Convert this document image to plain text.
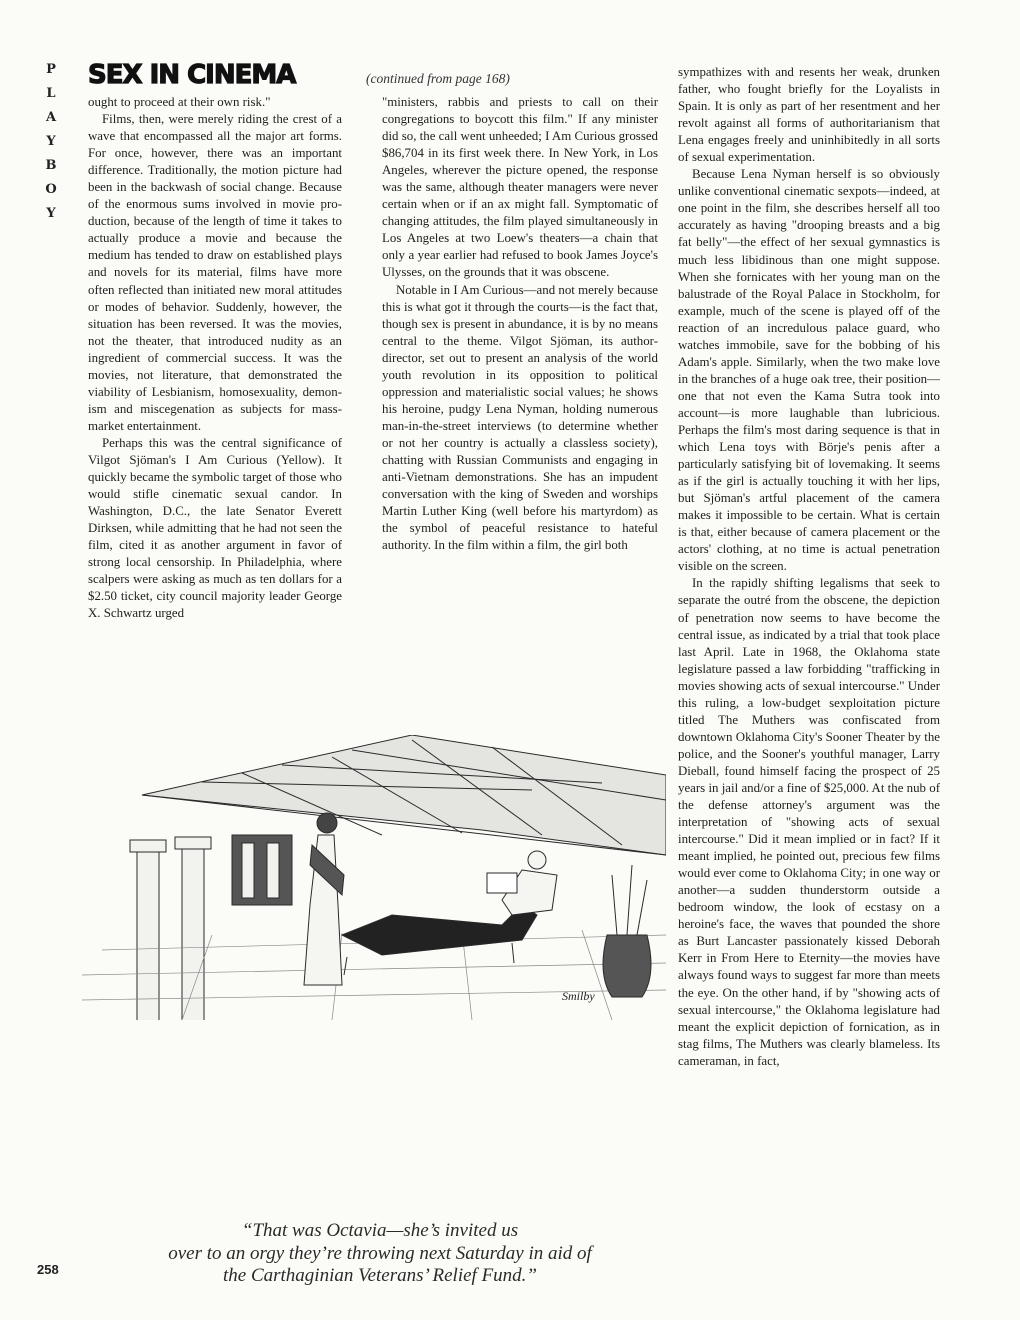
P
L
A
Y
B
O
Y
SEX IN CINEMA	(continued from page 168)

ought to proceed at their own risk."

Films, then, were merely riding the crest of a wave that encompassed all the major art forms. For once, however, there was an important difference. Traditionally, the motion picture had been in the backwash of social change. Because of the enormous sums involved in movie production, because of the length of time it takes to actually produce a movie and because the medium has tended to draw on established plays and novels for its material, films have more often reflected than initiated new moral attitudes or modes of behavior. Suddenly, however, the situation has been reversed. It was the movies, not the theater, that introduced nudity as an ingredient of commercial success. It was the movies, not literature, that demonstrated the viability of Lesbianism, homosexuality, demonism and miscegenation as subjects for mass-market entertainment.

Perhaps this was the central significance of Vilgot Sjöman's I Am Curious (Yellow). It quickly became the symbolic target of those who would stifle cinematic sexual candor. In Washington, D.C., the late Senator Everett Dirksen, while admitting that he had not seen the film, cited it as another argument in favor of strong local censorship. In Philadelphia, where scalpers were asking as much as ten dollars for a $2.50 ticket, city council majority leader George X. Schwartz urged

"ministers, rabbis and priests to call on their congregations to boycott this film." If any minister did so, the call went unheeded; I Am Curious grossed $86,704 in its first week there. In New York, in Los Angeles, wherever the picture opened, the response was the same, although theater managers were never certain when or if an ax might fall. Symptomatic of changing attitudes, the film played simultaneously in Los Angeles at two Loew's theaters—a chain that only a year earlier had refused to book James Joyce's Ulysses, on the grounds that it was obscene.

Notable in I Am Curious—and not merely because this is what got it through the courts—is the fact that, though sex is present in abundance, it is by no means central to the theme. Vilgot Sjöman, its author-director, set out to present an analysis of the world youth revolution in its opposition to political oppression and materialistic social values; he shows his heroine, pudgy Lena Nyman, holding numerous man-in-the-street interviews (to determine whether or not her country is actually a classless society), chatting with Russian Communists and engaging in anti-Vietnam demonstrations. She has an impudent conversation with the king of Sweden and worships Martin Luther King (well before his martyrdom) as the symbol of peaceful resistance to hateful authority. In the film within a film, the girl both

sympathizes with and resents her weak, drunken father, who fought briefly for the Loyalists in Spain. It is only as part of her resentment and her revolt against all forms of authoritarianism that Lena engages freely and uninhibitedly in all sorts of sexual experimentation.

Because Lena Nyman herself is so obviously unlike conventional cinematic sexpots—indeed, at one point in the film, she describes herself all too accurately as having "drooping breasts and a big fat belly"—the effect of her sexual gymnastics is much less libidinous than one might suppose. When she fornicates with her young man on the balustrade of the Royal Palace in Stockholm, for example, much of the scene is played off of the reaction of an incredulous palace guard, who watches immobile, save for the bobbing of his Adam's apple. Similarly, when the two make love in the branches of a huge oak tree, their position—one that not even the Kama Sutra took into account—is more laughable than lubricious. Perhaps the film's most daring sequence is that in which Lena toys with Börje's penis after a particularly satisfying bit of lovemaking. It seems as if the girl is actually touching it with her lips, but Sjöman's artful placement of the camera makes it impossible to be certain. What is certain is that, either because of camera placement or the actors' clothing, at no time is actual penetration visible on the screen.

In the rapidly shifting legalisms that seek to separate the outré from the obscene, the depiction of penetration now seems to have become the central issue, as indicated by a trial that took place last April. Late in 1968, the Oklahoma state legislature passed a law forbidding "trafficking in movies showing acts of sexual intercourse." Under this ruling, a low-budget sexploitation picture titled The Muthers was confiscated from downtown Oklahoma City's Sooner Theater by the police, and the Sooner's youthful manager, Larry Dieball, found himself facing the prospect of 25 years in jail and/or a fine of $25,000. At the nub of the defense attorney's argument was the interpretation of "showing acts of sexual intercourse." Did it mean implied or in fact? If it meant implied, he pointed out, precious few films would ever come to Oklahoma City; in one way or another—a sudden thunderstorm outside a bedroom window, the look of ecstasy on a heroine's face, the waves that pounded the shore as Burt Lancaster passionately kissed Deborah Kerr in From Here to Eternity—the movies have always found ways to suggest far more than meets the eye. On the other hand, if by "showing acts of sexual intercourse," the Oklahoma legislature had meant the explicit depiction of fornication, as in stag films, The Muthers was clearly blameless. Its cameraman, in fact,

Smilby
“That was Octavia—she’s invited us
over to an orgy they’re throwing next Saturday in aid of
the Carthaginian Veterans’ Relief Fund.”
258
